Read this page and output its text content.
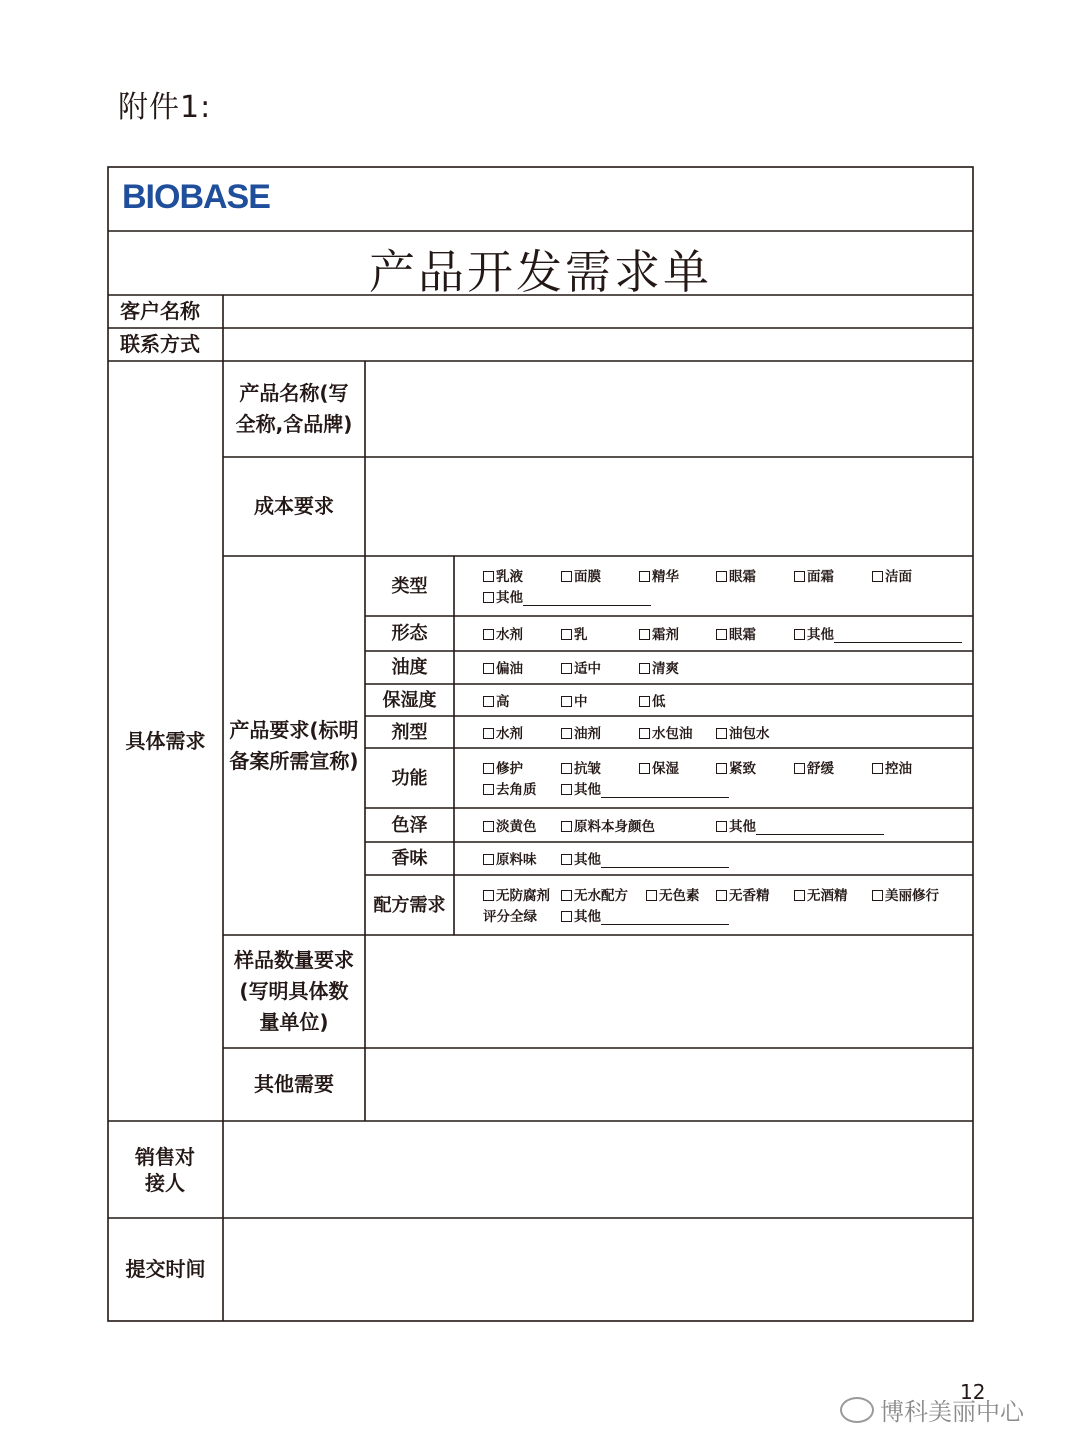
附件1:
BIOBASE
产品开发需求单
客户名称
联系方式
具体需求
产品名称(写全称,含品牌)
成本要求
产品要求(标明备案所需宣称)
类型	乳液	面膜	精华	眼霜	面霜	洁面
其他
形态	水剂	乳	霜剂	眼霜	其他
油度	偏油	适中	清爽
保湿度	高	中	低
剂型	水剂	油剂	水包油	油包水
功能	修护	抗皱	保湿	紧致	舒缓	控油
去角质	其他
色泽	淡黄色	原料本身颜色	其他
香味	原料味	其他
配方需求	无防腐剂	无水配方	无色素	无香精	无酒精	美丽修行
评分全绿	其他
样品数量要求(写明具体数量单位)
其他需要
销售对接人
提交时间
12
博科美丽中心
